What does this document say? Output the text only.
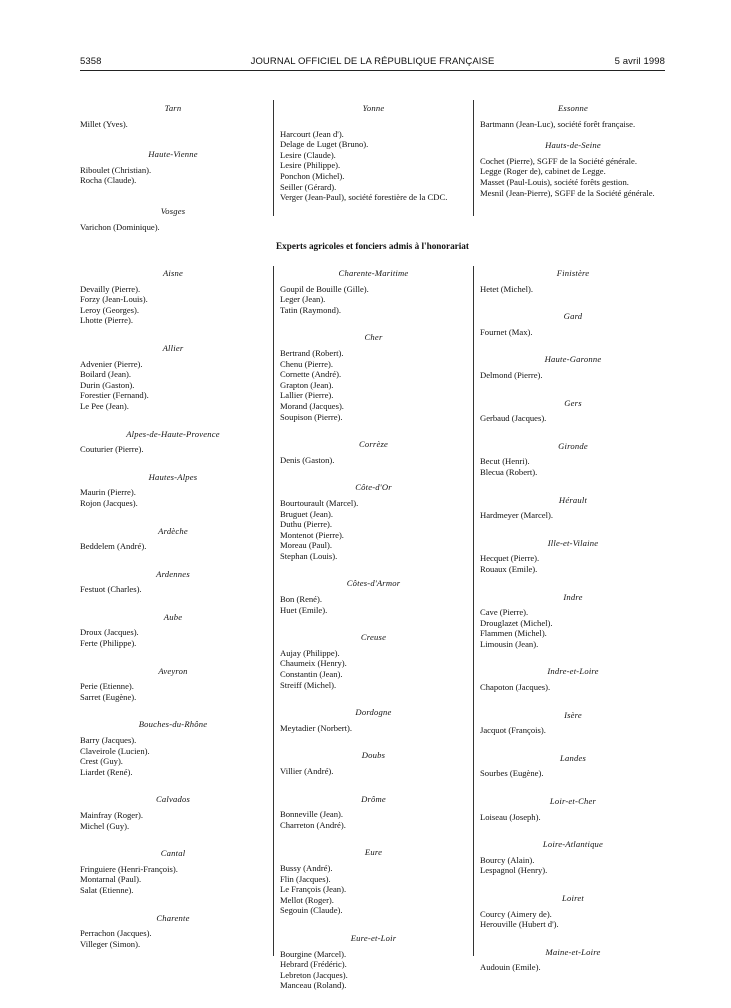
5358	JOURNAL OFFICIEL DE LA RÉPUBLIQUE FRANÇAISE	5 avril 1998
Tarn
Millet (Yves).
Haute-Vienne
Riboulet (Christian).
Rocha (Claude).
Vosges
Varichon (Dominique).
Yonne
Harcourt (Jean d').
Delage de Luget (Bruno).
Lesire (Claude).
Lesire (Philippe).
Ponchon (Michel).
Seiller (Gérard).
Verger (Jean-Paul), société forestière de la CDC.
Essonne
Bartmann (Jean-Luc), société forêt française.
Hauts-de-Seine
Cochet (Pierre), SGFF de la Société générale.
Legge (Roger de), cabinet de Legge.
Masset (Paul-Louis), société forêts gestion.
Mesnil (Jean-Pierre), SGFF de la Société générale.
Experts agricoles et fonciers admis à l'honorariat
Aisne
Devailly (Pierre).
Forzy (Jean-Louis).
Leroy (Georges).
Lhotte (Pierre).
Allier
Advenier (Pierre).
Boilard (Jean).
Durin (Gaston).
Forestier (Fernand).
Le Pee (Jean).
Alpes-de-Haute-Provence
Couturier (Pierre).
Hautes-Alpes
Maurin (Pierre).
Rojon (Jacques).
Ardèche
Beddelem (André).
Ardennes
Festuot (Charles).
Aube
Droux (Jacques).
Ferte (Philippe).
Aveyron
Perie (Etienne).
Sarret (Eugène).
Bouches-du-Rhône
Barry (Jacques).
Claveirole (Lucien).
Crest (Guy).
Liardet (René).
Calvados
Mainfray (Roger).
Michel (Guy).
Cantal
Fringuiere (Henri-François).
Montarnal (Paul).
Salat (Etienne).
Charente
Perrachon (Jacques).
Villeger (Simon).
Charente-Maritime
Goupil de Bouille (Gille).
Leger (Jean).
Tatin (Raymond).
Cher
Bertrand (Robert).
Chenu (Pierre).
Cornette (André).
Grapton (Jean).
Lallier (Pierre).
Morand (Jacques).
Soupison (Pierre).
Corrèze
Denis (Gaston).
Côte-d'Or
Bourtourault (Marcel).
Bruguet (Jean).
Duthu (Pierre).
Montenot (Pierre).
Moreau (Paul).
Stephan (Louis).
Côtes-d'Armor
Bon (René).
Huet (Emile).
Creuse
Aujay (Philippe).
Chaumeix (Henry).
Constantin (Jean).
Streiff (Michel).
Dordogne
Meytadier (Norbert).
Doubs
Villier (André).
Drôme
Bonneville (Jean).
Charreton (André).
Eure
Bussy (André).
Flin (Jacques).
Le François (Jean).
Mellot (Roger).
Segouin (Claude).
Eure-et-Loir
Bourgine (Marcel).
Hebrard (Frédéric).
Lebreton (Jacques).
Manceau (Roland).
Finistère
Hetet (Michel).
Gard
Fournet (Max).
Haute-Garonne
Delmond (Pierre).
Gers
Gerbaud (Jacques).
Gironde
Becut (Henri).
Blecua (Robert).
Hérault
Hardmeyer (Marcel).
Ille-et-Vilaine
Hecquet (Pierre).
Rouaux (Emile).
Indre
Cave (Pierre).
Drouglazet (Michel).
Flammen (Michel).
Limousin (Jean).
Indre-et-Loire
Chapoton (Jacques).
Isère
Jacquot (François).
Landes
Sourbes (Eugène).
Loir-et-Cher
Loiseau (Joseph).
Loire-Atlantique
Bourcy (Alain).
Lespagnol (Henry).
Loiret
Courcy (Aimery de).
Herouville (Hubert d').
Maine-et-Loire
Audouin (Emile).
